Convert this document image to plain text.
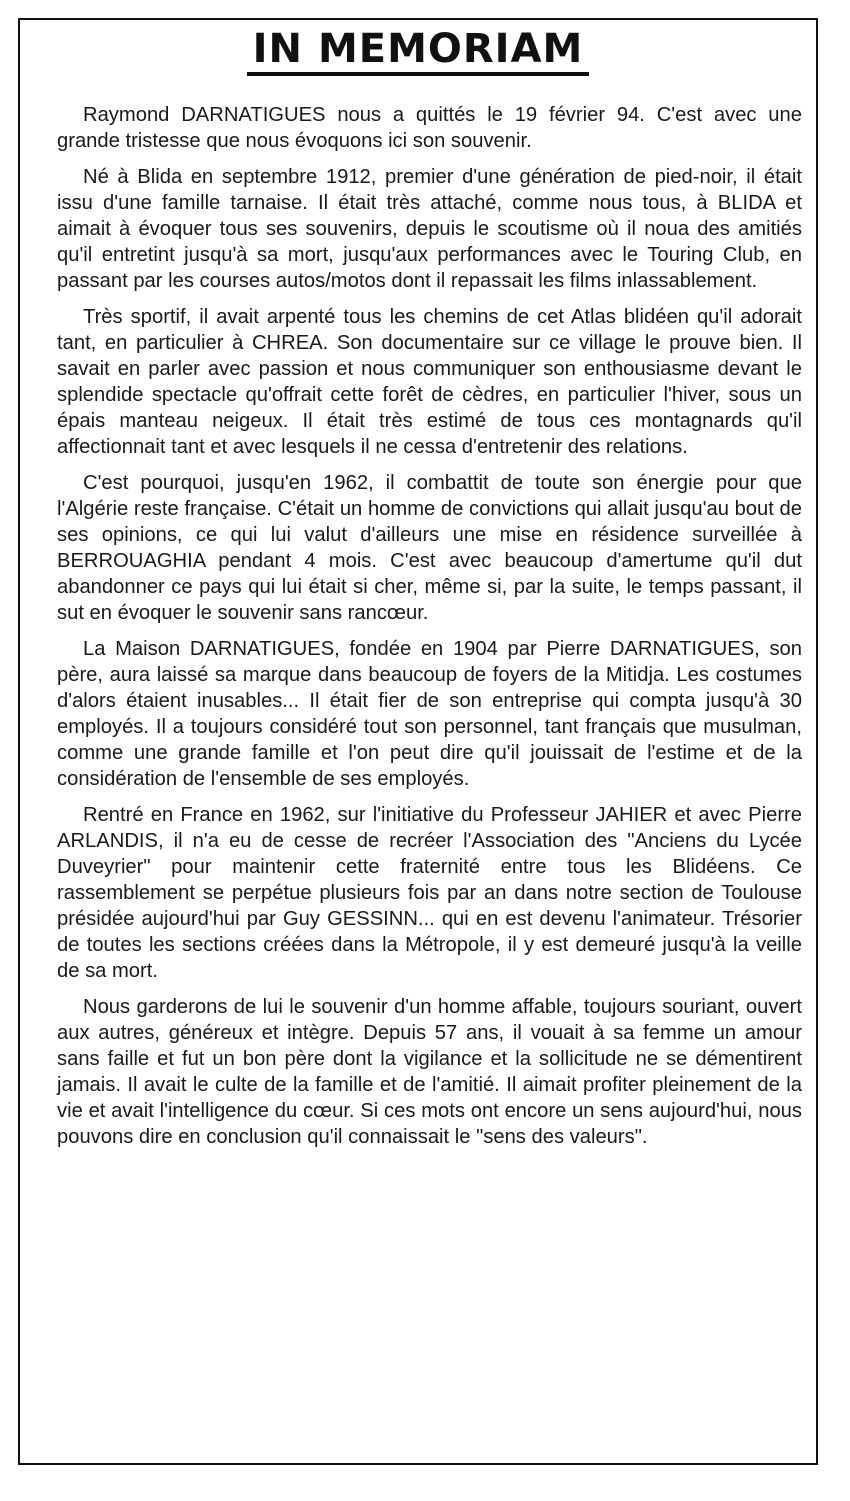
IN MEMORIAM

Raymond DARNATIGUES nous a quittés le 19 février 94. C'est avec une grande tristesse que nous évoquons ici son souvenir.

Né à Blida en septembre 1912, premier d'une génération de pied-noir, il était issu d'une famille tarnaise. Il était très attaché, comme nous tous, à BLIDA et aimait à évoquer tous ses souvenirs, depuis le scoutisme où il noua des amitiés qu'il entretint jusqu'à sa mort, jusqu'aux performances avec le Touring Club, en passant par les courses autos/motos dont il repassait les films inlassablement.

Très sportif, il avait arpenté tous les chemins de cet Atlas blidéen qu'il adorait tant, en particulier à CHREA. Son documentaire sur ce village le prouve bien. Il savait en parler avec passion et nous communiquer son enthousiasme devant le splendide spectacle qu'offrait cette forêt de cèdres, en particulier l'hiver, sous un épais manteau neigeux. Il était très estimé de tous ces montagnards qu'il affectionnait tant et avec lesquels il ne cessa d'entretenir des relations.

C'est pourquoi, jusqu'en 1962, il combattit de toute son énergie pour que l'Algérie reste française. C'était un homme de convictions qui allait jusqu'au bout de ses opinions, ce qui lui valut d'ailleurs une mise en résidence surveillée à BERROUAGHIA pendant 4 mois. C'est avec beaucoup d'amertume qu'il dut abandonner ce pays qui lui était si cher, même si, par la suite, le temps passant, il sut en évoquer le souvenir sans rancœur.

La Maison DARNATIGUES, fondée en 1904 par Pierre DARNATIGUES, son père, aura laissé sa marque dans beaucoup de foyers de la Mitidja. Les costumes d'alors étaient inusables... Il était fier de son entreprise qui compta jusqu'à 30 employés. Il a toujours considéré tout son personnel, tant français que musulman, comme une grande famille et l'on peut dire qu'il jouissait de l'estime et de la considération de l'ensemble de ses employés.

Rentré en France en 1962, sur l'initiative du Professeur JAHIER et avec Pierre ARLANDIS, il n'a eu de cesse de recréer l'Association des "Anciens du Lycée Duveyrier" pour maintenir cette fraternité entre tous les Blidéens. Ce rassemblement se perpétue plusieurs fois par an dans notre section de Toulouse présidée aujourd'hui par Guy GESSINN... qui en est devenu l'animateur. Trésorier de toutes les sections créées dans la Métropole, il y est demeuré jusqu'à la veille de sa mort.

Nous garderons de lui le souvenir d'un homme affable, toujours souriant, ouvert aux autres, généreux et intègre. Depuis 57 ans, il vouait à sa femme un amour sans faille et fut un bon père dont la vigilance et la sollicitude ne se démentirent jamais. Il avait le culte de la famille et de l'amitié. Il aimait profiter pleinement de la vie et avait l'intelligence du cœur. Si ces mots ont encore un sens aujourd'hui, nous pouvons dire en conclusion qu'il connaissait le "sens des valeurs".
